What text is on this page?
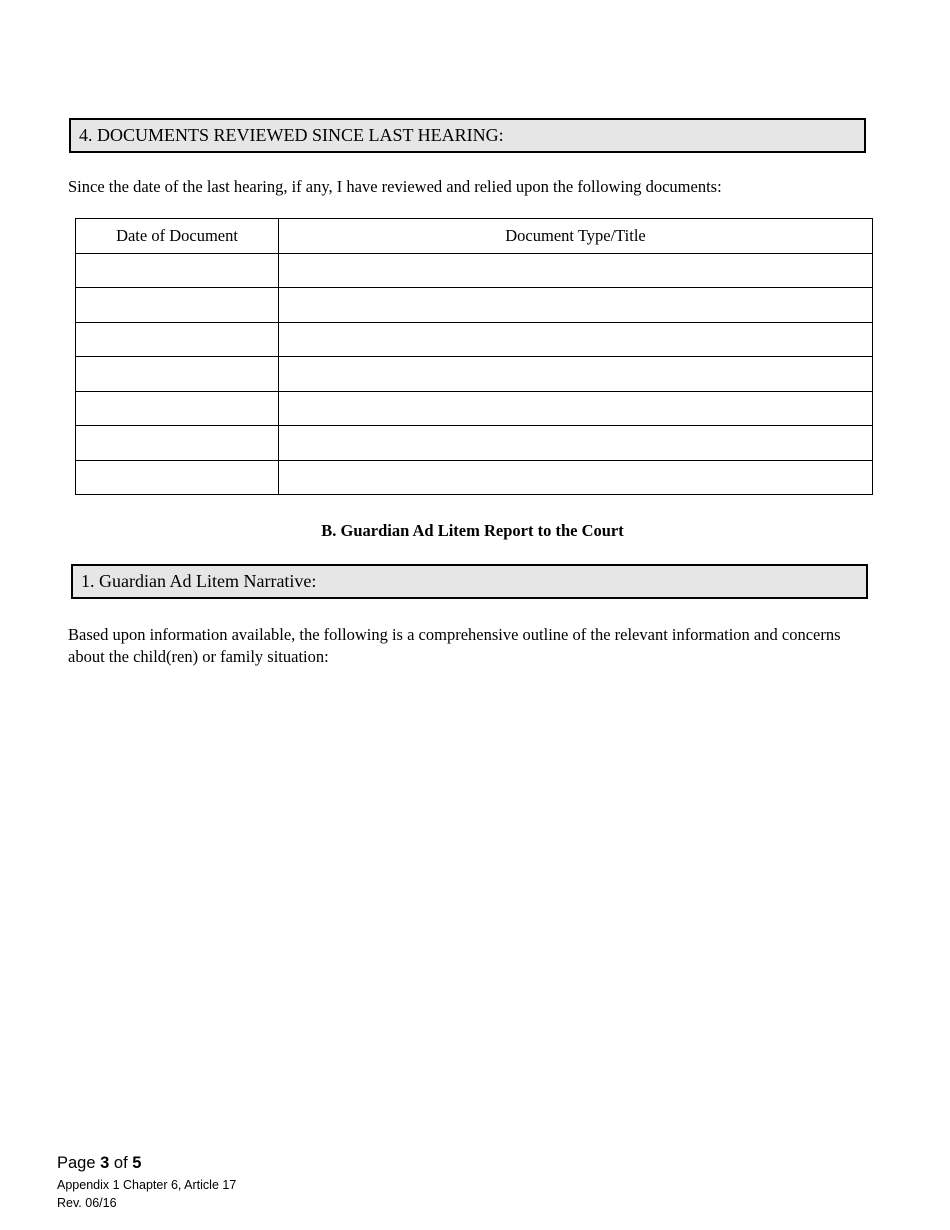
4. DOCUMENTS REVIEWED SINCE LAST HEARING:
Since the date of the last hearing, if any, I have reviewed and relied upon the following documents:
Date of Document	Document Type/Title

B. Guardian Ad Litem Report to the Court
1. Guardian Ad Litem Narrative:
Based upon information available, the following is a comprehensive outline of the relevant information and concerns about the child(ren) or family situation:
Page 3 of 5
Appendix 1 Chapter 6, Article 17
Rev. 06/16
